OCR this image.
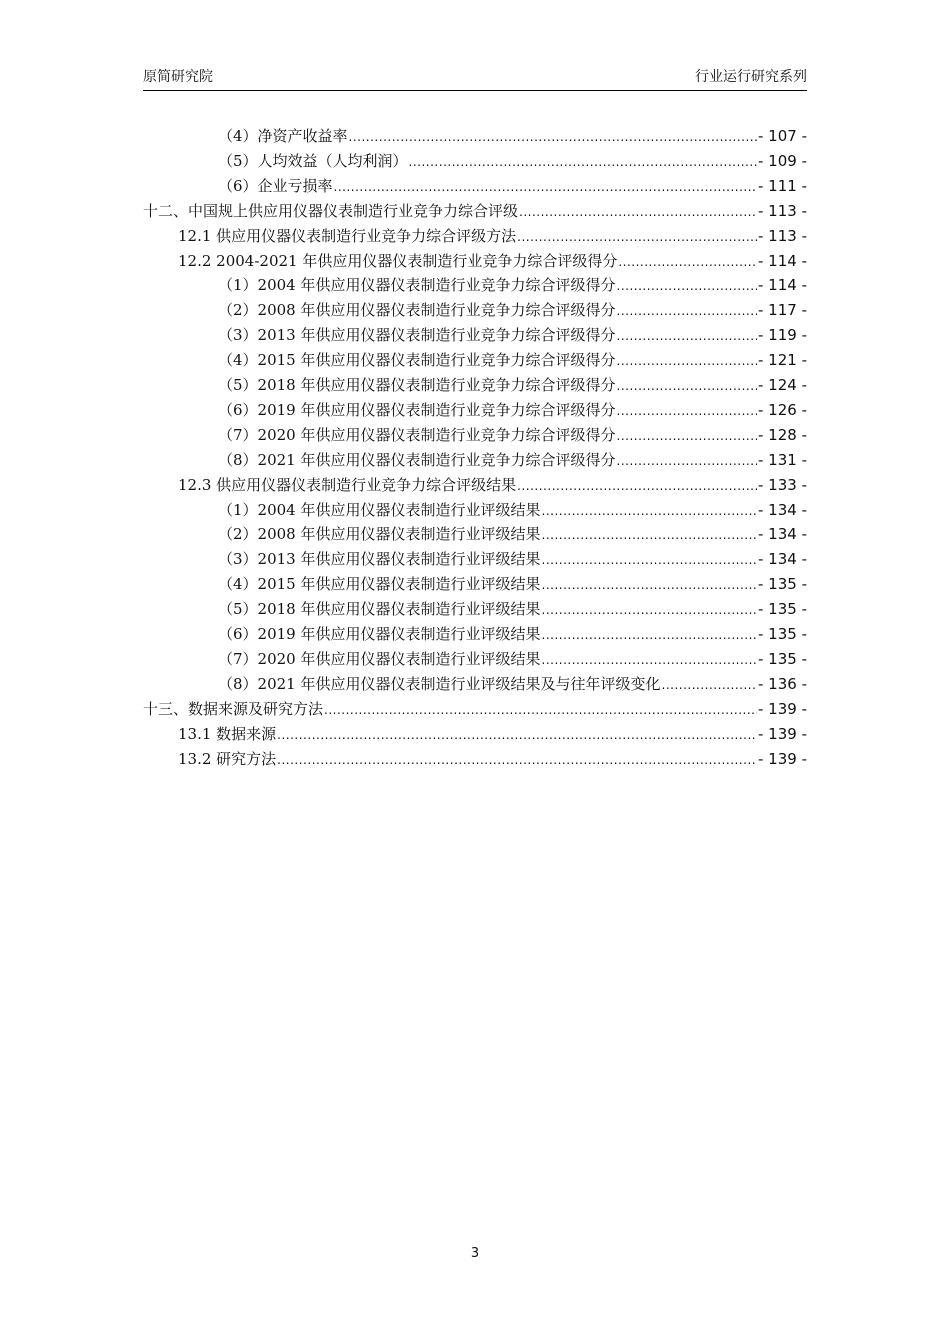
原简研究院	行业运行研究系列
（4）净资产收益率 .....	- 107 -
（5）人均效益（人均利润） .....	- 109 -
（6）企业亏损率 .....	- 111 -
十二、中国规上供应用仪器仪表制造行业竞争力综合评级 .....	- 113 -
12.1 供应用仪器仪表制造行业竞争力综合评级方法 .....	- 113 -
12.2 2004-2021 年供应用仪器仪表制造行业竞争力综合评级得分 .....	- 114 -
（1）2004 年供应用仪器仪表制造行业竞争力综合评级得分 .....	- 114 -
（2）2008 年供应用仪器仪表制造行业竞争力综合评级得分 .....	- 117 -
（3）2013 年供应用仪器仪表制造行业竞争力综合评级得分 .....	- 119 -
（4）2015 年供应用仪器仪表制造行业竞争力综合评级得分 .....	- 121 -
（5）2018 年供应用仪器仪表制造行业竞争力综合评级得分 .....	- 124 -
（6）2019 年供应用仪器仪表制造行业竞争力综合评级得分 .....	- 126 -
（7）2020 年供应用仪器仪表制造行业竞争力综合评级得分 .....	- 128 -
（8）2021 年供应用仪器仪表制造行业竞争力综合评级得分 .....	- 131 -
12.3 供应用仪器仪表制造行业竞争力综合评级结果 .....	- 133 -
（1）2004 年供应用仪器仪表制造行业评级结果 .....	- 134 -
（2）2008 年供应用仪器仪表制造行业评级结果 .....	- 134 -
（3）2013 年供应用仪器仪表制造行业评级结果 .....	- 134 -
（4）2015 年供应用仪器仪表制造行业评级结果 .....	- 135 -
（5）2018 年供应用仪器仪表制造行业评级结果 .....	- 135 -
（6）2019 年供应用仪器仪表制造行业评级结果 .....	- 135 -
（7）2020 年供应用仪器仪表制造行业评级结果 .....	- 135 -
（8）2021 年供应用仪器仪表制造行业评级结果及与往年评级变化 .....	- 136 -
十三、数据来源及研究方法 .....	- 139 -
13.1 数据来源 .....	- 139 -
13.2 研究方法 .....	- 139 -
3
